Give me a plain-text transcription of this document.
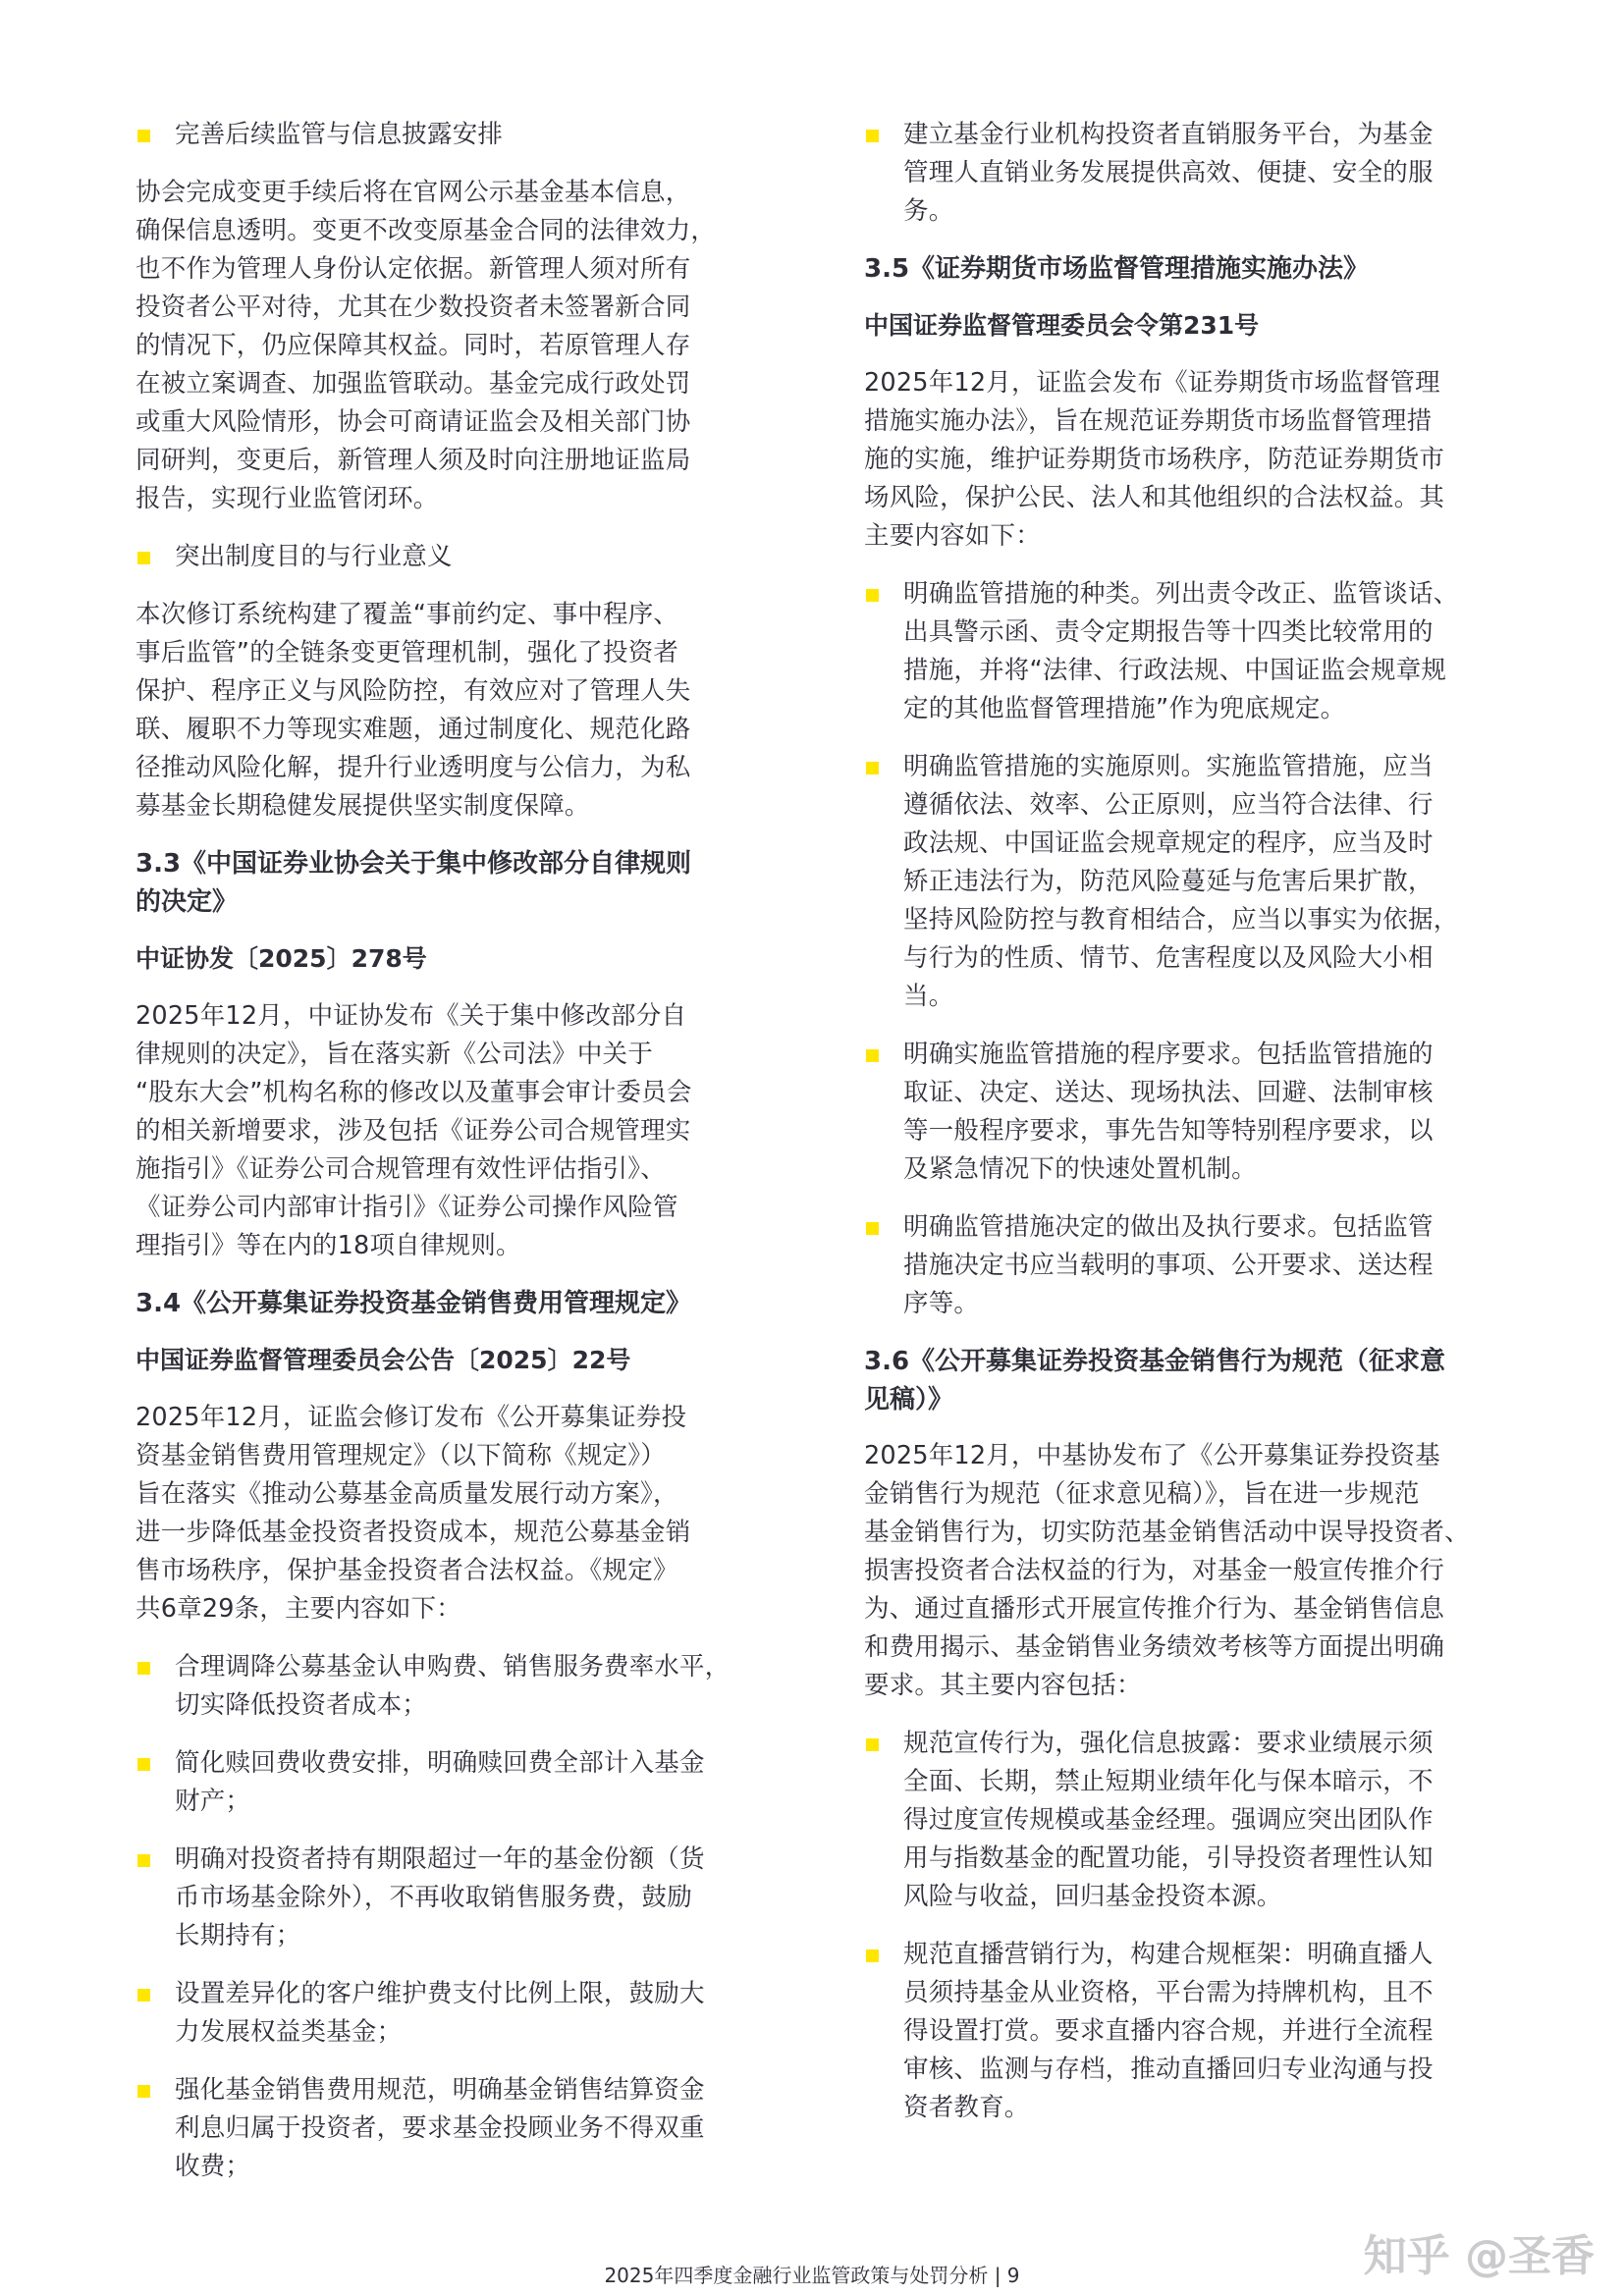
完善后续监管与信息披露安排
协会完成变更手续后将在官网公示基金基本信息，
确保信息透明。变更不改变原基金合同的法律效力，
也不作为管理人身份认定依据。新管理人须对所有
投资者公平对待，尤其在少数投资者未签署新合同
的情况下，仍应保障其权益。同时，若原管理人存
在被立案调查、加强监管联动。基金完成行政处罚
或重大风险情形，协会可商请证监会及相关部门协
同研判，变更后，新管理人须及时向注册地证监局
报告，实现行业监管闭环。
突出制度目的与行业意义
本次修订系统构建了覆盖“事前约定、事中程序、
事后监管”的全链条变更管理机制，强化了投资者
保护、程序正义与风险防控，有效应对了管理人失
联、履职不力等现实难题，通过制度化、规范化路
径推动风险化解，提升行业透明度与公信力，为私
募基金长期稳健发展提供坚实制度保障。
3.3《中国证券业协会关于集中修改部分自律规则
的决定》
中证协发〔2025〕278号
2025年12月，中证协发布《关于集中修改部分自
律规则的决定》，旨在落实新《公司法》中关于
“股东大会”机构名称的修改以及董事会审计委员会
的相关新增要求，涉及包括《证券公司合规管理实
施指引》《证券公司合规管理有效性评估指引》、
《证券公司内部审计指引》《证券公司操作风险管
理指引》等在内的18项自律规则。
3.4《公开募集证券投资基金销售费用管理规定》
中国证券监督管理委员会公告〔2025〕22号
2025年12月，证监会修订发布《公开募集证券投
资基金销售费用管理规定》（以下简称《规定》）
旨在落实《推动公募基金高质量发展行动方案》，
进一步降低基金投资者投资成本，规范公募基金销
售市场秩序，保护基金投资者合法权益。《规定》
共6章29条，主要内容如下：
合理调降公募基金认申购费、销售服务费率水平，
切实降低投资者成本；
简化赎回费收费安排，明确赎回费全部计入基金
财产；
明确对投资者持有期限超过一年的基金份额（货
币市场基金除外），不再收取销售服务费，鼓励
长期持有；
设置差异化的客户维护费支付比例上限，鼓励大
力发展权益类基金；
强化基金销售费用规范，明确基金销售结算资金
利息归属于投资者，要求基金投顾业务不得双重
收费；
建立基金行业机构投资者直销服务平台，为基金
管理人直销业务发展提供高效、便捷、安全的服
务。
3.5《证券期货市场监督管理措施实施办法》
中国证券监督管理委员会令第231号
2025年12月，证监会发布《证券期货市场监督管理
措施实施办法》，旨在规范证券期货市场监督管理措
施的实施，维护证券期货市场秩序，防范证券期货市
场风险，保护公民、法人和其他组织的合法权益。其
主要内容如下：
明确监管措施的种类。列出责令改正、监管谈话、
出具警示函、责令定期报告等十四类比较常用的
措施，并将“法律、行政法规、中国证监会规章规
定的其他监督管理措施”作为兜底规定。
明确监管措施的实施原则。实施监管措施，应当
遵循依法、效率、公正原则，应当符合法律、行
政法规、中国证监会规章规定的程序，应当及时
矫正违法行为，防范风险蔓延与危害后果扩散，
坚持风险防控与教育相结合，应当以事实为依据，
与行为的性质、情节、危害程度以及风险大小相
当。
明确实施监管措施的程序要求。包括监管措施的
取证、决定、送达、现场执法、回避、法制审核
等一般程序要求，事先告知等特别程序要求，以
及紧急情况下的快速处置机制。
明确监管措施决定的做出及执行要求。包括监管
措施决定书应当载明的事项、公开要求、送达程
序等。
3.6《公开募集证券投资基金销售行为规范（征求意
见稿）》
2025年12月，中基协发布了《公开募集证券投资基
金销售行为规范（征求意见稿）》，旨在进一步规范
基金销售行为，切实防范基金销售活动中误导投资者、
损害投资者合法权益的行为，对基金一般宣传推介行
为、通过直播形式开展宣传推介行为、基金销售信息
和费用揭示、基金销售业务绩效考核等方面提出明确
要求。其主要内容包括：
规范宣传行为，强化信息披露：要求业绩展示须
全面、长期，禁止短期业绩年化与保本暗示，不
得过度宣传规模或基金经理。强调应突出团队作
用与指数基金的配置功能，引导投资者理性认知
风险与收益，回归基金投资本源。
规范直播营销行为，构建合规框架：明确直播人
员须持基金从业资格，平台需为持牌机构，且不
得设置打赏。要求直播内容合规，并进行全流程
审核、监测与存档，推动直播回归专业沟通与投
资者教育。
2025年四季度金融行业监管政策与处罚分析 | 9	知乎 @圣香
